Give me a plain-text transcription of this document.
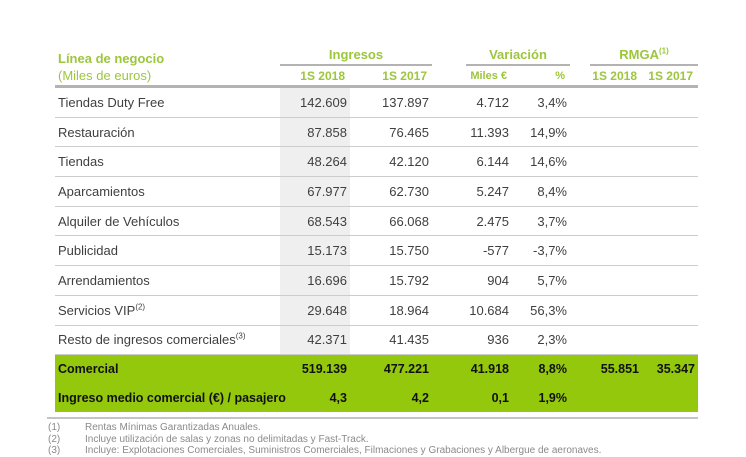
Línea de negocio	Ingresos	Variación	RMGA$^{(1)}$
(Miles de euros)	1S 2018	1S 2017	Miles €	%	1S 2018 1S 2017
Tiendas Duty Free	142.609	137.897	4.712	3,4%
Restauración	87.858	76.465	11.393	14,9%
Tiendas	48.264	42.120	6.144	14,6%
Aparcamientos	67.977	62.730	5.247	8,4%
Alquiler de Vehículos	68.543	66.068	2.475	3,7%
Publicidad	15.173	15.750	-577	-3,7%
Arrendamientos	16.696	15.792	904	5,7%
Servicios VIP$^{(2)}$	29.648	18.964	10.684	56,3%
Resto de ingresos comerciales$^{(3)}$	42.371	41.435	936	2,3%
Comercial	519.139	477.221	41.918	8,8%	55.851	35.347
Ingreso medio comercial (€) / pasajero	4,3	4,2	0,1	1,9%
(1)	Rentas Mínimas Garantizadas Anuales.
(2)	Incluye utilización de salas y zonas no delimitadas y Fast-Track.
(3)	Incluye: Explotaciones Comerciales, Suministros Comerciales, Filmaciones y Grabaciones y Albergue de aeronaves.
